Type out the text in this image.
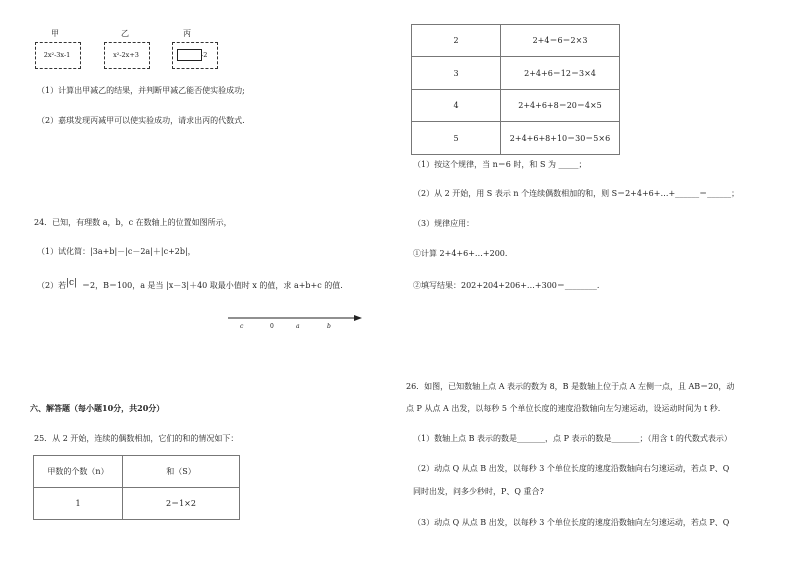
甲	乙	丙
2x²-3x-1	x²-2x+3	-2
（1）计算出甲减乙的结果，并判断甲减乙能否使实验成功;
（2）嘉琪发现丙减甲可以使实验成功，请求出丙的代数式.
24．已知，有理数 a，b，c 在数轴上的位置如图所示，
（1）试化简：|3a+b|－|c－2a|＋|c+2b|，
（2）若 |c| ＝2，B＝100，a 是当 |x－3|＋40 取最小值时 x 的值，求 a+b+c 的值.
c	0	a	b
六、解答题（每小题10分，共20分）
25．从 2 开始，连续的偶数相加，它们的和的情况如下：
甲数的个数（n）	和（S）
1	2＝1×2
2	2+4＝6＝2×3
3	2+4+6＝12＝3×4
4	2+4+6+8＝20＝4×5
5	2+4+6+8+10＝30＝5×6
（1）按这个规律，当 n＝6 时，和 S 为 _____；
（2）从 2 开始，用 S 表示 n 个连续偶数相加的和，则 S＝2+4+6+…+______＝______；
（3）规律应用：
①计算 2+4+6+…+200.
②填写结果：202+204+206+…+300＝________.
26．如图，已知数轴上点 A 表示的数为 8，B 是数轴上位于点 A 左侧一点，且 AB＝20，动
点 P 从点 A 出发，以每秒 5 个单位长度的速度沿数轴向左匀速运动，设运动时间为 t 秒.
（1）数轴上点 B 表示的数是_______，点 P 表示的数是_______；（用含 t 的代数式表示）
（2）动点 Q 从点 B 出发，以每秒 3 个单位长度的速度沿数轴向右匀速运动，若点 P、Q
同时出发，问多少秒时，P、Q 重合?
（3）动点 Q 从点 B 出发，以每秒 3 个单位长度的速度沿数轴向左匀速运动，若点 P、Q
